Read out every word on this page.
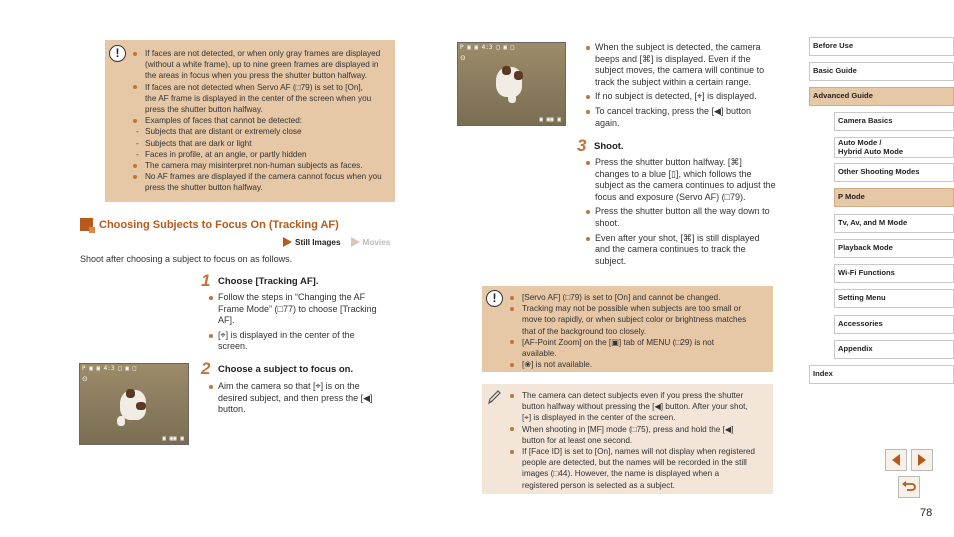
!	If faces are not detected, or when only gray frames are displayed
(without a white frame), up to nine green frames are displayed in
the areas in focus when you press the shutter button halfway.
If faces are not detected when Servo AF (□79) is set to [On],
the AF frame is displayed in the center of the screen when you
press the shutter button halfway.
Examples of faces that cannot be detected:
- Subjects that are distant or extremely close
- Subjects that are dark or light
- Faces in profile, at an angle, or partly hidden
The camera may misinterpret non-human subjects as faces.
No AF frames are displayed if the camera cannot focus when you
press the shutter button halfway.
Choosing Subjects to Focus On (Tracking AF)
Still Images	Movies
Shoot after choosing a subject to focus on as follows.
1 Choose [Tracking AF].
Follow the steps in “Changing the AF Frame Mode” (□77) to choose [Tracking AF].
[⌖] is displayed in the center of the screen.
2 Choose a subject to focus on.
Aim the camera so that [⌖] is on the desired subject, and then press the [◀] button.
P ▣ ▣ 4:3 □ ▣ □
⊙
▣ ▣▣ ▣
P ▣ ▣ 4:3 □ ▣ □
⊙
▣ ▣▣ ▣
When the subject is detected, the camera beeps and [⌘] is displayed. Even if the subject moves, the camera will continue to track the subject within a certain range.
If no subject is detected, [⌖] is displayed.
To cancel tracking, press the [◀] button again.
3 Shoot.
Press the shutter button halfway. [⌘] changes to a blue [▯], which follows the subject as the camera continues to adjust the focus and exposure (Servo AF) (□79).
Press the shutter button all the way down to shoot.
Even after your shot, [⌘] is still displayed and the camera continues to track the subject.
!	[Servo AF] (□79) is set to [On] and cannot be changed.
Tracking may not be possible when subjects are too small or
move too rapidly, or when subject color or brightness matches
that of the background too closely.
[AF-Point Zoom] on the [▣] tab of MENU (□29) is not
available.
[❀] is not available.
The camera can detect subjects even if you press the shutter
button halfway without pressing the [◀] button. After your shot,
[⌖] is displayed in the center of the screen.
When shooting in [MF] mode (□75), press and hold the [◀]
button for at least one second.
If [Face ID] is set to [On], names will not display when registered
people are detected, but the names will be recorded in the still
images (□44). However, the name is displayed when a
registered person is selected as a subject.
Before Use
Basic Guide
Advanced Guide
Camera Basics
Auto Mode /
Hybrid Auto Mode
Other Shooting Modes
P Mode
Tv, Av, and M Mode
Playback Mode
Wi-Fi Functions
Setting Menu
Accessories
Appendix
Index
78
